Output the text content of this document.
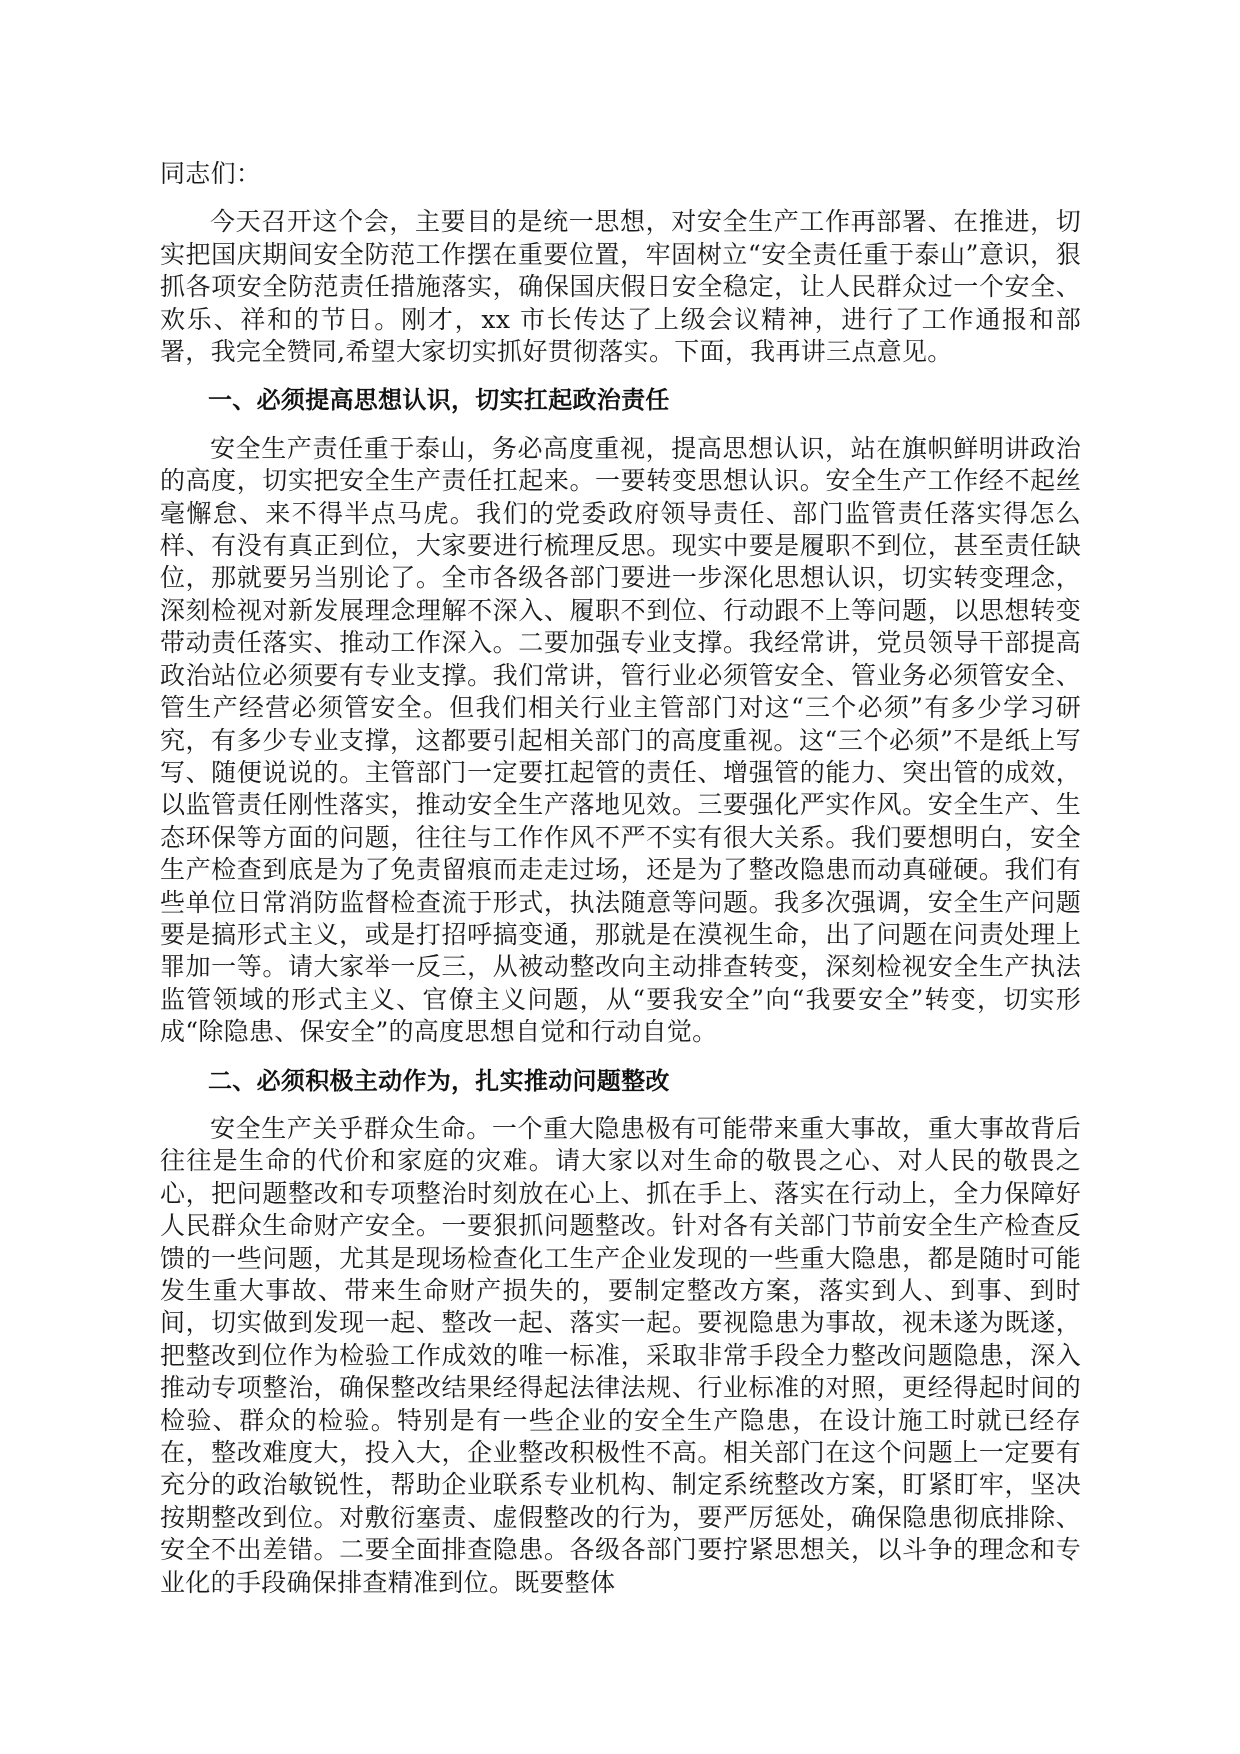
同志们：

今天召开这个会，主要目的是统一思想，对安全生产工作再部署、在推进，切实把国庆期间安全防范工作摆在重要位置，牢固树立“安全责任重于泰山”意识，狠抓各项安全防范责任措施落实，确保国庆假日安全稳定，让人民群众过一个安全、欢乐、祥和的节日。刚才，xx 市长传达了上级会议精神，进行了工作通报和部署，我完全赞同,希望大家切实抓好贯彻落实。下面，我再讲三点意见。

一、必须提高思想认识，切实扛起政治责任

安全生产责任重于泰山，务必高度重视，提高思想认识，站在旗帜鲜明讲政治的高度，切实把安全生产责任扛起来。一要转变思想认识。安全生产工作经不起丝毫懈怠、来不得半点马虎。我们的党委政府领导责任、部门监管责任落实得怎么样、有没有真正到位，大家要进行梳理反思。现实中要是履职不到位，甚至责任缺位，那就要另当别论了。全市各级各部门要进一步深化思想认识，切实转变理念，深刻检视对新发展理念理解不深入、履职不到位、行动跟不上等问题，以思想转变带动责任落实、推动工作深入。二要加强专业支撑。我经常讲，党员领导干部提高政治站位必须要有专业支撑。我们常讲，管行业必须管安全、管业务必须管安全、管生产经营必须管安全。但我们相关行业主管部门对这“三个必须”有多少学习研究，有多少专业支撑，这都要引起相关部门的高度重视。这“三个必须”不是纸上写写、随便说说的。主管部门一定要扛起管的责任、增强管的能力、突出管的成效，以监管责任刚性落实，推动安全生产落地见效。三要强化严实作风。安全生产、生态环保等方面的问题，往往与工作作风不严不实有很大关系。我们要想明白，安全生产检查到底是为了免责留痕而走走过场，还是为了整改隐患而动真碰硬。我们有些单位日常消防监督检查流于形式，执法随意等问题。我多次强调，安全生产问题要是搞形式主义，或是打招呼搞变通，那就是在漠视生命，出了问题在问责处理上罪加一等。请大家举一反三，从被动整改向主动排查转变，深刻检视安全生产执法监管领域的形式主义、官僚主义问题，从“要我安全”向“我要安全”转变，切实形成“除隐患、保安全”的高度思想自觉和行动自觉。

二、必须积极主动作为，扎实推动问题整改

安全生产关乎群众生命。一个重大隐患极有可能带来重大事故，重大事故背后往往是生命的代价和家庭的灾难。请大家以对生命的敬畏之心、对人民的敬畏之心，把问题整改和专项整治时刻放在心上、抓在手上、落实在行动上，全力保障好人民群众生命财产安全。一要狠抓问题整改。针对各有关部门节前安全生产检查反馈的一些问题，尤其是现场检查化工生产企业发现的一些重大隐患，都是随时可能发生重大事故、带来生命财产损失的，要制定整改方案，落实到人、到事、到时间，切实做到发现一起、整改一起、落实一起。要视隐患为事故，视未遂为既遂，把整改到位作为检验工作成效的唯一标准，采取非常手段全力整改问题隐患，深入推动专项整治，确保整改结果经得起法律法规、行业标准的对照，更经得起时间的检验、群众的检验。特别是有一些企业的安全生产隐患，在设计施工时就已经存在，整改难度大，投入大，企业整改积极性不高。相关部门在这个问题上一定要有充分的政治敏锐性，帮助企业联系专业机构、制定系统整改方案，盯紧盯牢，坚决按期整改到位。对敷衍塞责、虚假整改的行为，要严厉惩处，确保隐患彻底排除、安全不出差错。二要全面排查隐患。各级各部门要拧紧思想关，以斗争的理念和专业化的手段确保排查精准到位。既要整体
